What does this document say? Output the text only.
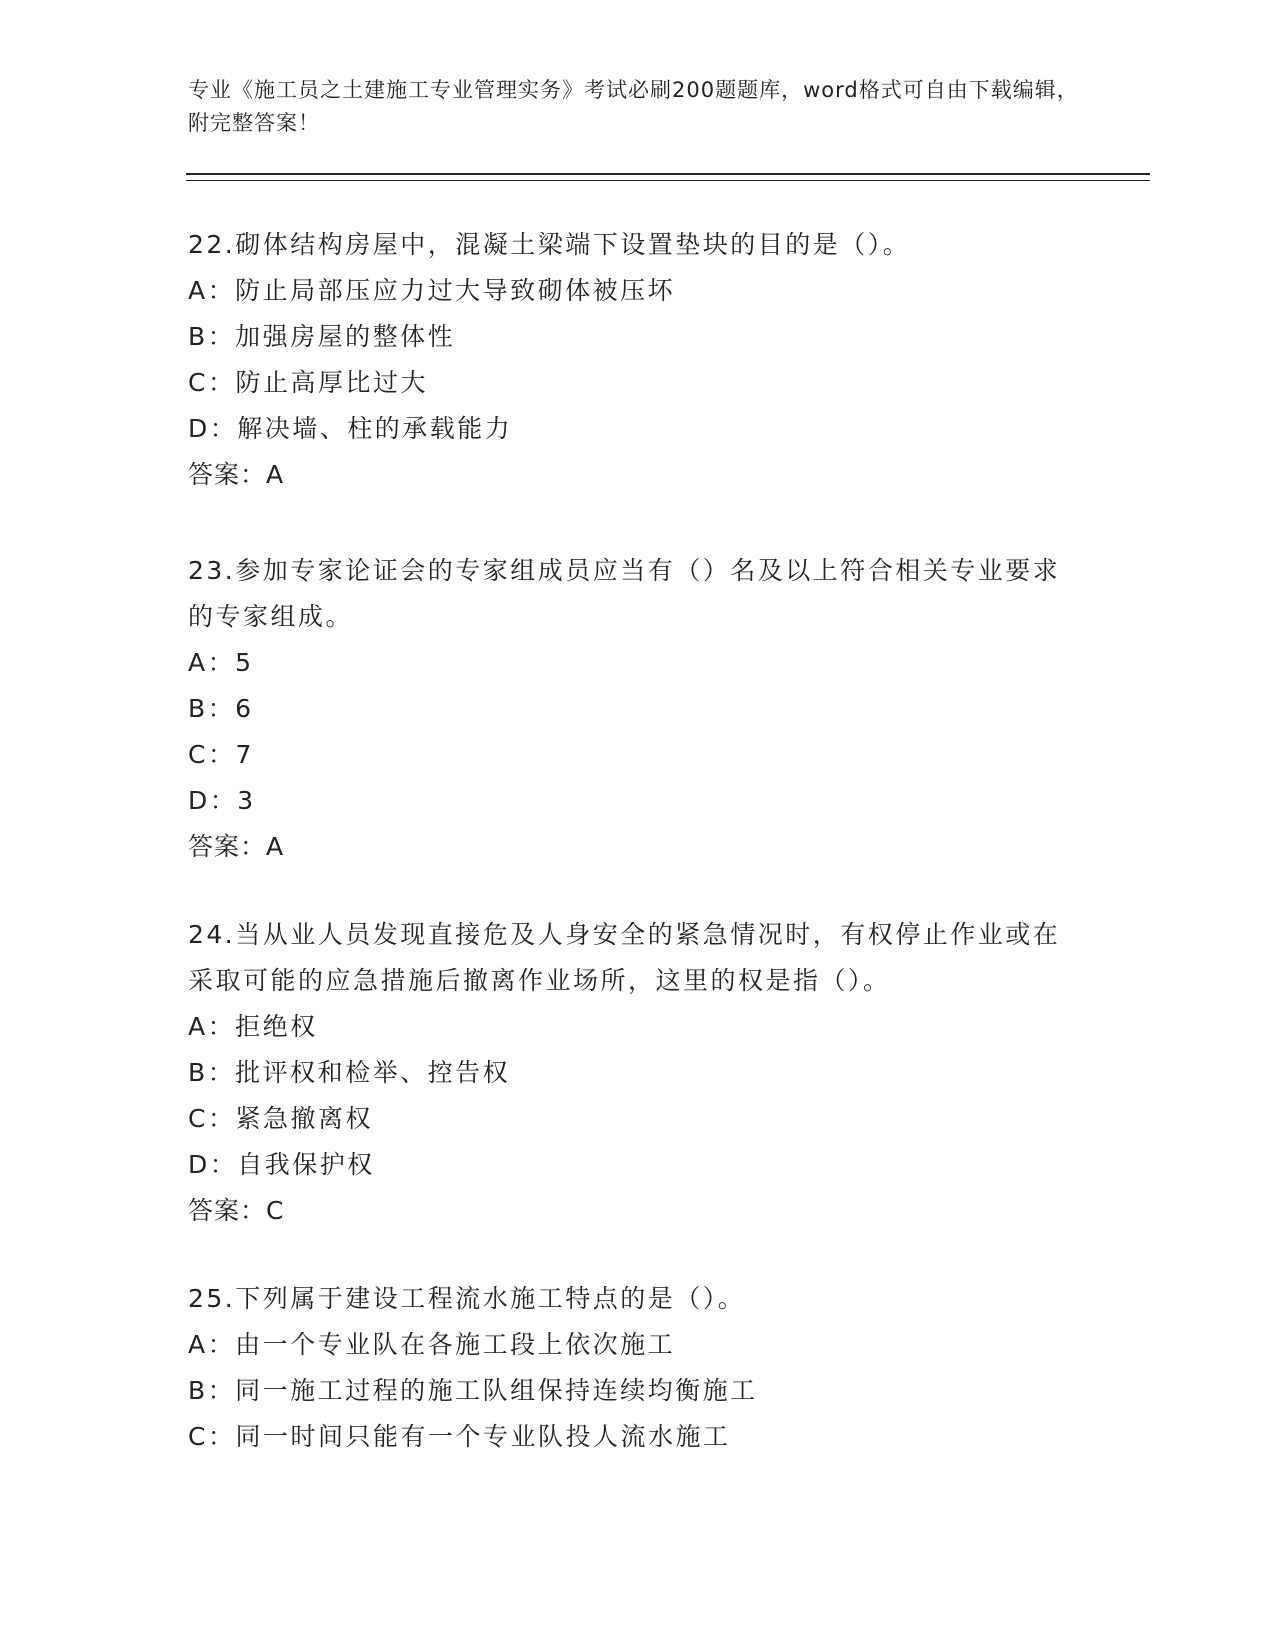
专业《施工员之土建施工专业管理实务》考试必刷200题题库，word格式可自由下载编辑，附完整答案！
22.砌体结构房屋中，混凝土梁端下设置垫块的目的是（）。
A：防止局部压应力过大导致砌体被压坏
B：加强房屋的整体性
C：防止高厚比过大
D：解决墙、柱的承载能力
答案：A
23.参加专家论证会的专家组成员应当有（）名及以上符合相关专业要求的专家组成。
A：5
B：6
C：7
D：3
答案：A
24.当从业人员发现直接危及人身安全的紧急情况时，有权停止作业或在采取可能的应急措施后撤离作业场所，这里的权是指（）。
A：拒绝权
B：批评权和检举、控告权
C：紧急撤离权
D：自我保护权
答案：C
25.下列属于建设工程流水施工特点的是（）。
A：由一个专业队在各施工段上依次施工
B：同一施工过程的施工队组保持连续均衡施工
C：同一时间只能有一个专业队投人流水施工
